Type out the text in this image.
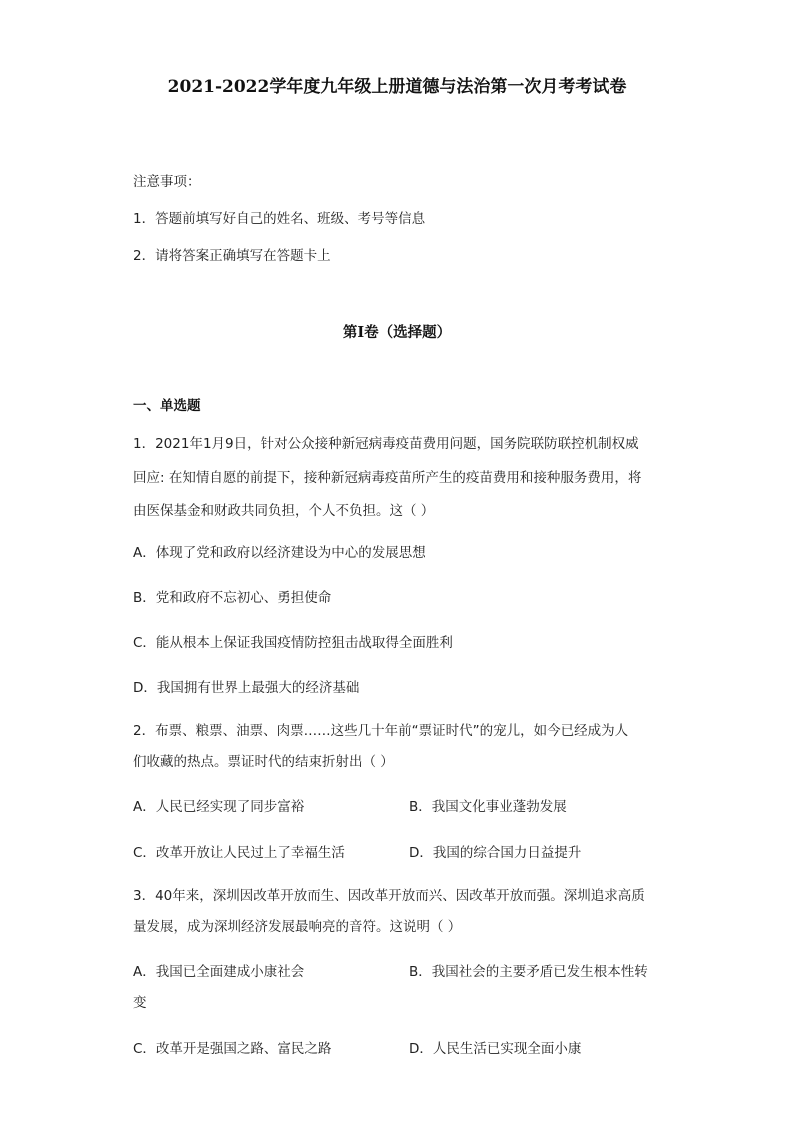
2021-2022学年度九年级上册道德与法治第一次月考考试卷
注意事项：
1．答题前填写好自己的姓名、班级、考号等信息
2．请将答案正确填写在答题卡上
第I卷（选择题）
一、单选题
1．2021年1月9日，针对公众接种新冠病毒疫苗费用问题，国务院联防联控机制权威
回应: 在知情自愿的前提下，接种新冠病毒疫苗所产生的疫苗费用和接种服务费用，将
由医保基金和财政共同负担，个人不负担。这（ ）
A．体现了党和政府以经济建设为中心的发展思想
B．党和政府不忘初心、勇担使命
C．能从根本上保证我国疫情防控狙击战取得全面胜利
D．我国拥有世界上最强大的经济基础
2．布票、粮票、油票、肉票……这些几十年前“票证时代”的宠儿，如今已经成为人
们收藏的热点。票证时代的结束折射出（ ）
A．人民已经实现了同步富裕	B．我国文化事业蓬勃发展
C．改革开放让人民过上了幸福生活	D．我国的综合国力日益提升
3．40年来，深圳因改革开放而生、因改革开放而兴、因改革开放而强。深圳追求高质
量发展，成为深圳经济发展最响亮的音符。这说明（ ）
A．我国已全面建成小康社会	B．我国社会的主要矛盾已发生根本性转
变
C．改革开是强国之路、富民之路	D．人民生活已实现全面小康
